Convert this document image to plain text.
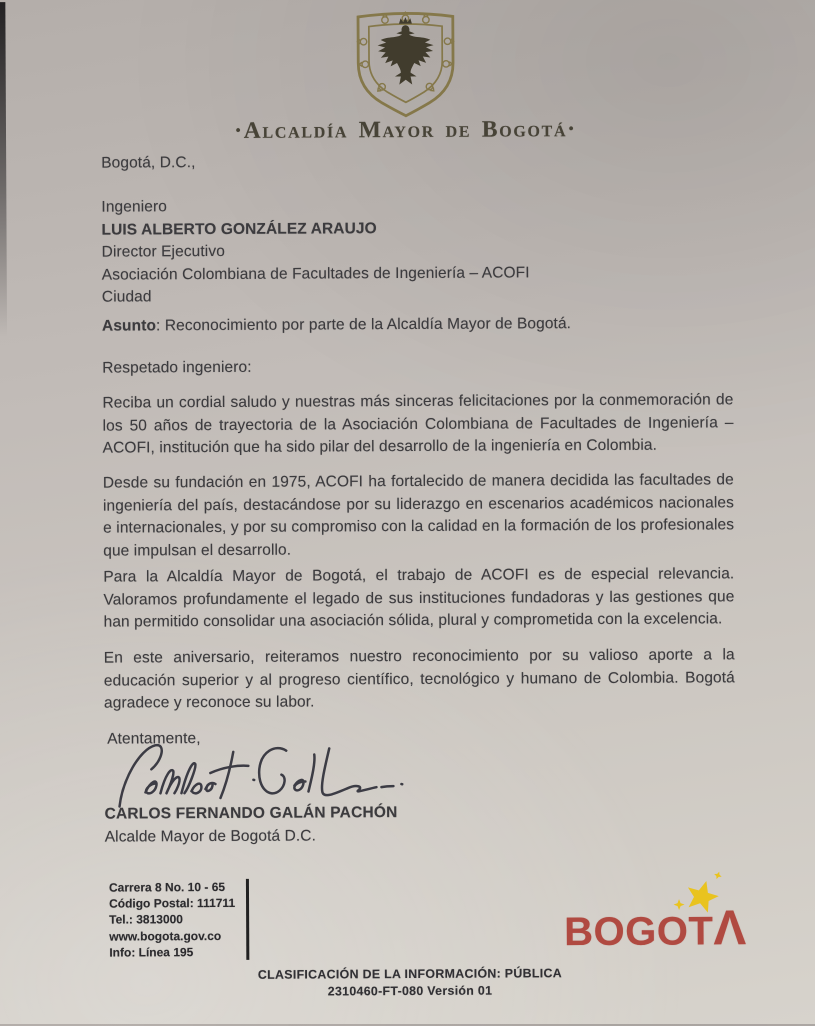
·Alcaldía Mayor de Bogotá·
Bogotá, D.C.,
Ingeniero
LUIS ALBERTO GONZÁLEZ ARAUJO
Director Ejecutivo
Asociación Colombiana de Facultades de Ingeniería – ACOFI
Ciudad
Asunto: Reconocimiento por parte de la Alcaldía Mayor de Bogotá.
Respetado ingeniero:

Reciba un cordial saludo y nuestras más sinceras felicitaciones por la conmemoración de los 50 años de trayectoria de la Asociación Colombiana de Facultades de Ingeniería – ACOFI, institución que ha sido pilar del desarrollo de la ingeniería en Colombia.

Desde su fundación en 1975, ACOFI ha fortalecido de manera decidida las facultades de ingeniería del país, destacándose por su liderazgo en escenarios académicos nacionales e internacionales, y por su compromiso con la calidad en la formación de los profesionales que impulsan el desarrollo.

Para la Alcaldía Mayor de Bogotá, el trabajo de ACOFI es de especial relevancia. Valoramos profundamente el legado de sus instituciones fundadoras y las gestiones que han permitido consolidar una asociación sólida, plural y comprometida con la excelencia.

En este aniversario, reiteramos nuestro reconocimiento por su valioso aporte a la educación superior y al progreso científico, tecnológico y humano de Colombia. Bogotá agradece y reconoce su labor.

Atentamente,
CARLOS FERNANDO GALÁN PACHÓN
Alcalde Mayor de Bogotá D.C.
Carrera 8 No. 10 - 65
Código Postal: 111711
Tel.: 3813000
www.bogota.gov.co
Info: Línea 195	BOGOTΛ
CLASIFICACIÓN DE LA INFORMACIÓN: PÚBLICA
2310460-FT-080 Versión 01
